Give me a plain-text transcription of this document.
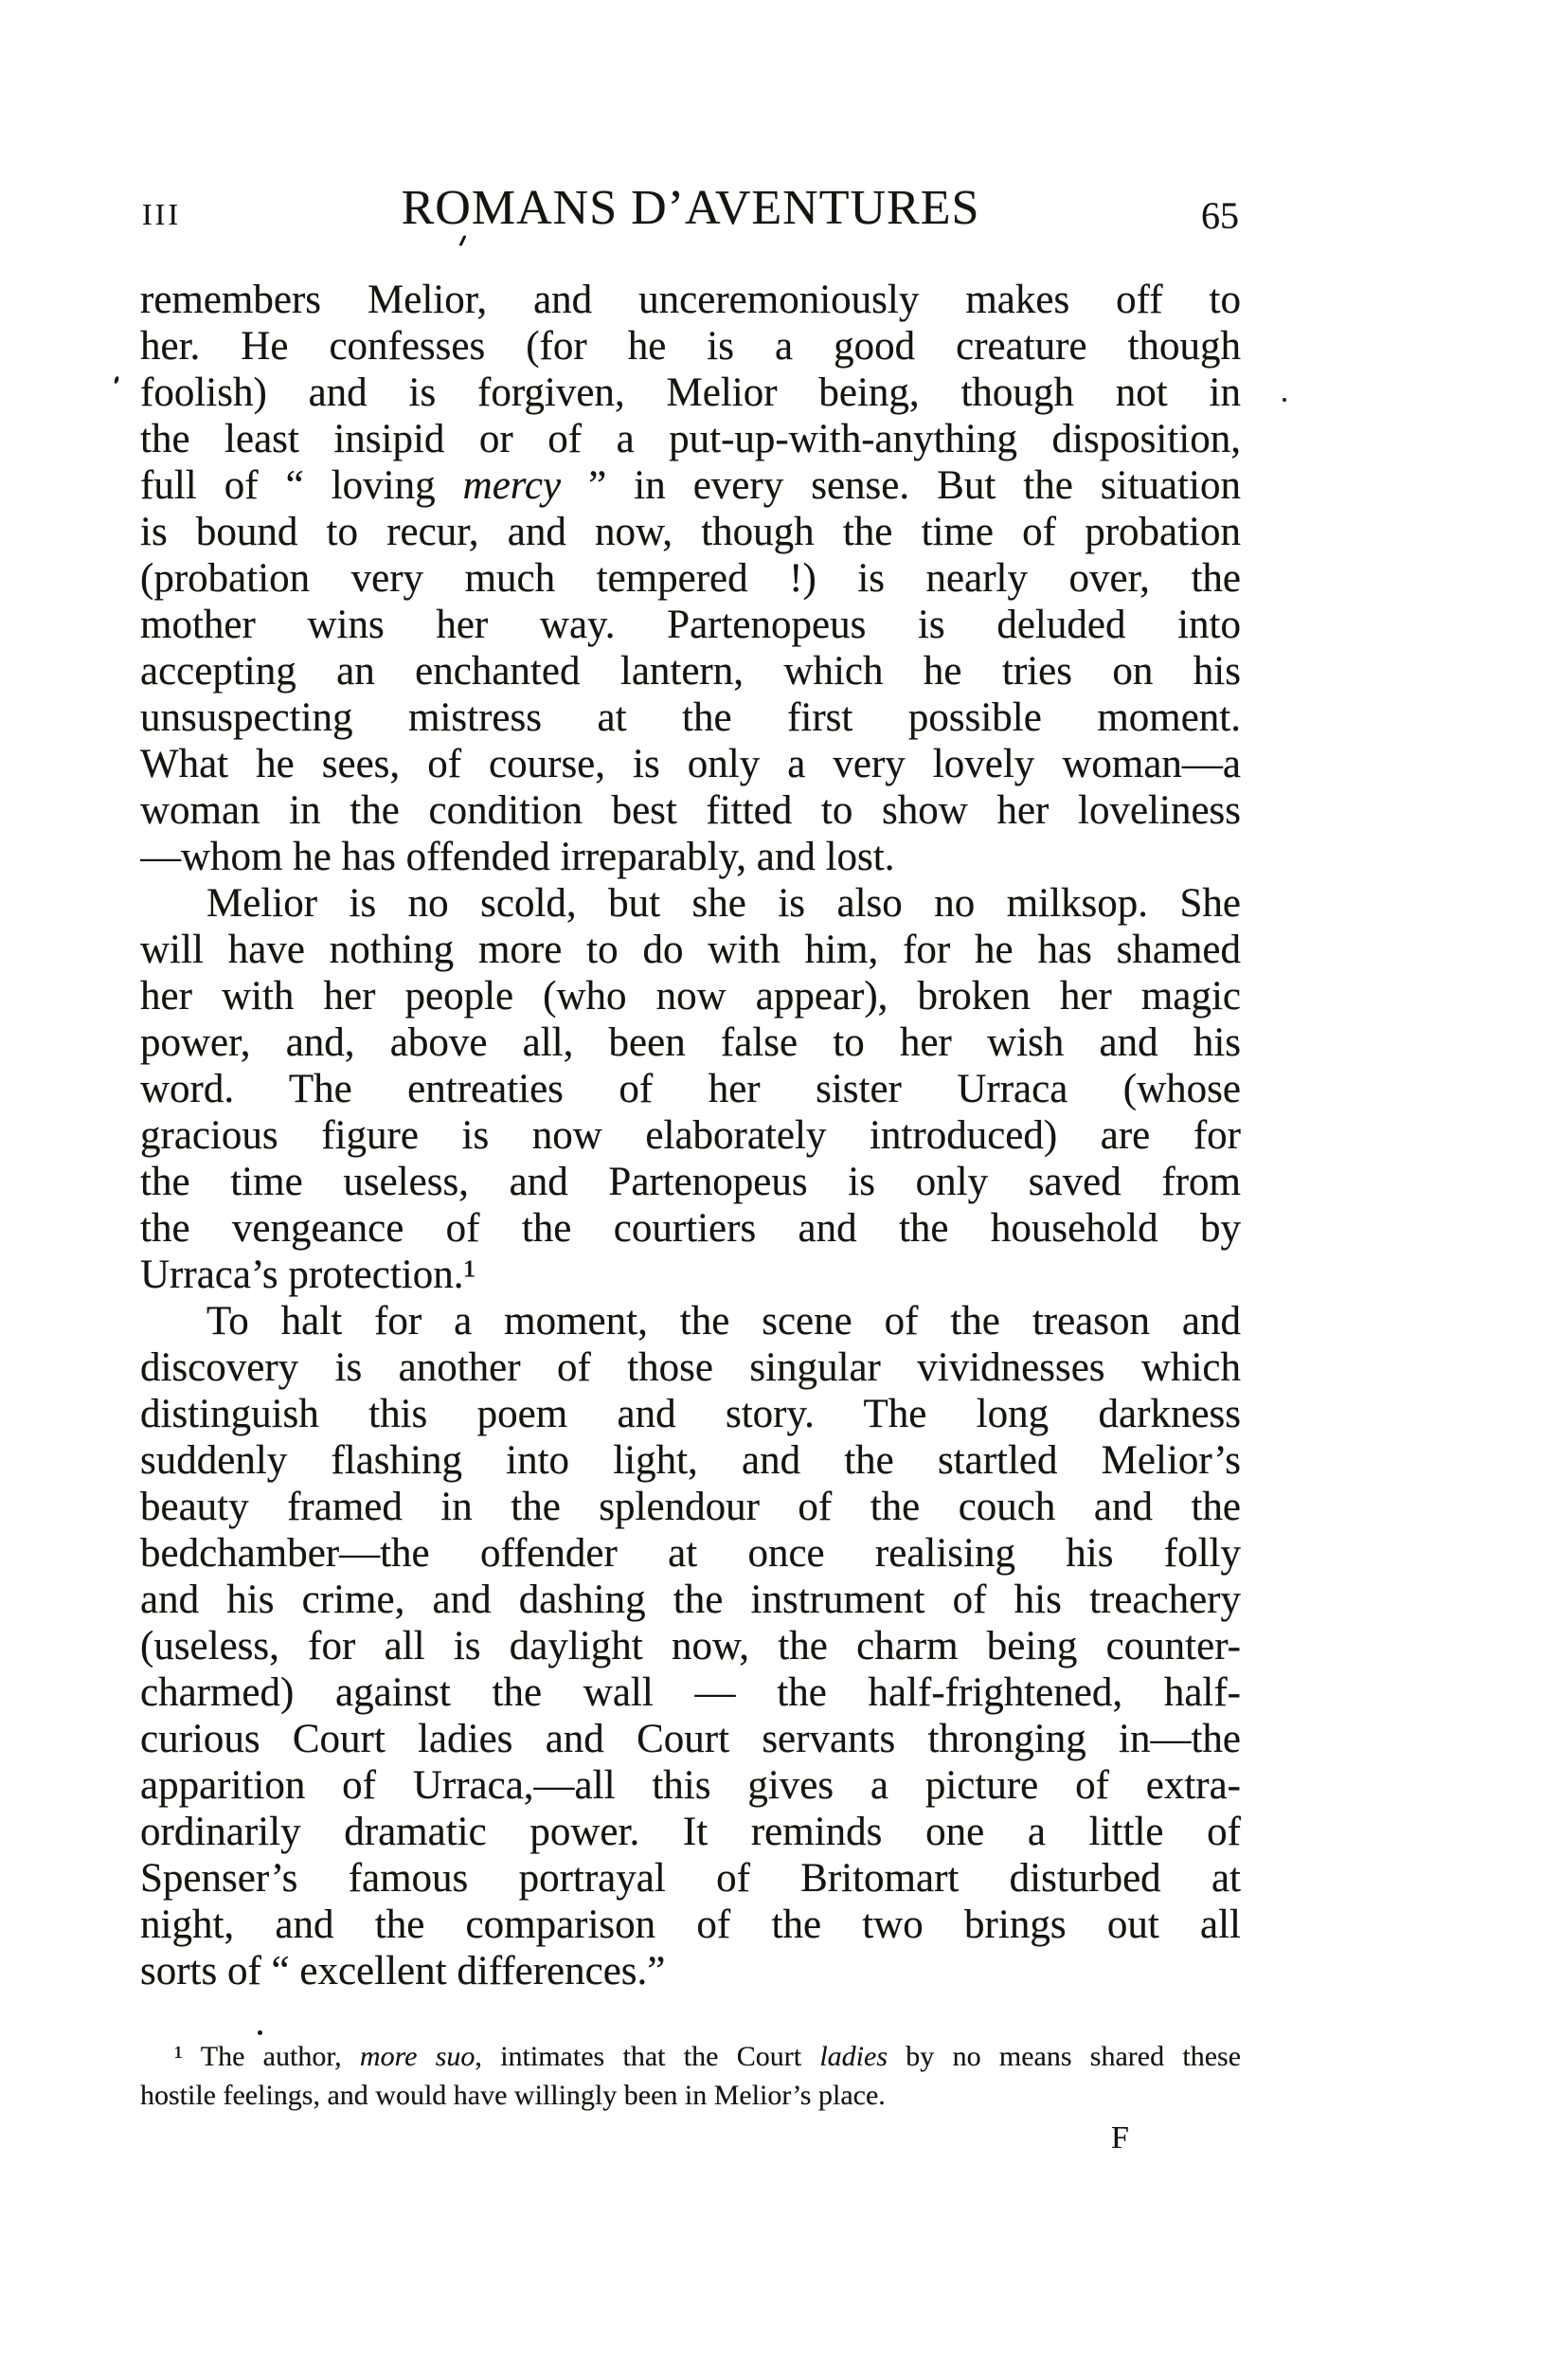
III	ROMANS D’AVENTURES	65
remembers Melior, and unceremoniously makes off to
her. He confesses (for he is a good creature though
foolish) and is forgiven, Melior being, though not in
the least insipid or of a put-up-with-anything disposition,
full of “ loving mercy ” in every sense. But the situation
is bound to recur, and now, though the time of probation
(probation very much tempered !) is nearly over, the
mother wins her way. Partenopeus is deluded into
accepting an enchanted lantern, which he tries on his
unsuspecting mistress at the first possible moment.
What he sees, of course, is only a very lovely woman—a
woman in the condition best fitted to show her loveliness
—whom he has offended irreparably, and lost.
Melior is no scold, but she is also no milksop. She
will have nothing more to do with him, for he has shamed
her with her people (who now appear), broken her magic
power, and, above all, been false to her wish and his
word. The entreaties of her sister Urraca (whose
gracious figure is now elaborately introduced) are for
the time useless, and Partenopeus is only saved from
the vengeance of the courtiers and the household by
Urraca’s protection.¹
To halt for a moment, the scene of the treason and
discovery is another of those singular vividnesses which
distinguish this poem and story. The long darkness
suddenly flashing into light, and the startled Melior’s
beauty framed in the splendour of the couch and the
bedchamber—the offender at once realising his folly
and his crime, and dashing the instrument of his treachery
(useless, for all is daylight now, the charm being counter-
charmed) against the wall — the half-frightened, half-
curious Court ladies and Court servants thronging in—the
apparition of Urraca,—all this gives a picture of extra-
ordinarily dramatic power. It reminds one a little of
Spenser’s famous portrayal of Britomart disturbed at
night, and the comparison of the two brings out all
sorts of “ excellent differences.”
¹ The author, more suo, intimates that the Court ladies by no means shared these
hostile feelings, and would have willingly been in Melior’s place.
F
